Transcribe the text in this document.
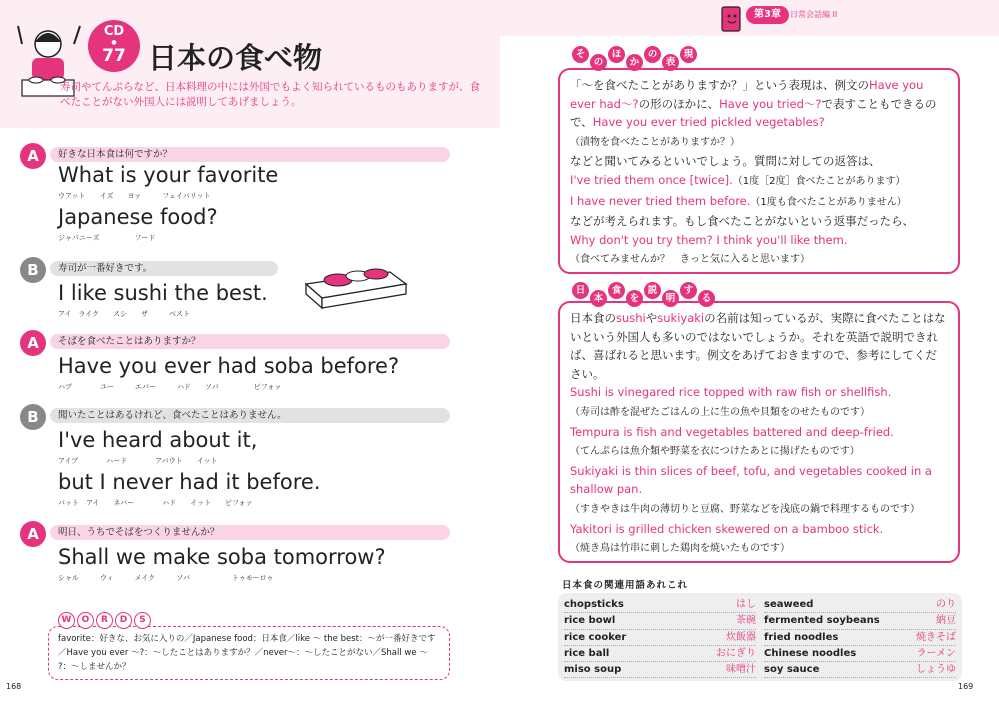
CD
●
77 日本の食べ物
寿司やてんぷらなど、日本料理の中には外国でもよく知られているものもありますが、食べたことがない外国人には説明してあげましょう。
A	好きな日本食は何ですか？
What is your favorite
ウアット　　イズ　　ヨァ　　　フェイバリット
Japanese food?
ジャパニーズ　　　　　フード
B	寿司が一番好きです。
I like sushi the best.
アイ　ライク　　スシ　　ザ　　　ベスト
A	そばを食べたことはありますか？
Have you ever had soba before?
ハブ　　　　ユー　　　エバー　　　ハド　　ソバ　　　　　ビフォァ
B	聞いたことはあるけれど、食べたことはありません。
I've heard about it,
アイブ　　　　ハード　　　　アバウト　　イット
but I never had it before.
バット　アイ　　ネバー　　　　ハド　　イット　　ビフォァ
A	明日、うちでそばをつくりませんか？
Shall we make soba tomorrow?
シャル　　　ウィ　　　メイク　　　ソバ　　　　　　トゥモーロゥ
favorite：好きな、お気に入りの／Japanese food：日本食／like ～ the best：～が一番好きです／Have you ever ～?：～したことはありますか？／never～：～したことがない／Shall we ～ ?：～しませんか？
W	O	R	D	S
168
第3章	日常会話編 II
「～を食べたことがありますか？」という表現は、例文のHave you ever had～?の形のほかに、Have you tried～?で表すこともできるので、Have you ever tried pickled vegetables?
（漬物を食べたことがありますか？）
などと聞いてみるといいでしょう。質問に対しての返答は、
I've tried them once [twice].（1度［2度］食べたことがあります）
I have never tried them before.（1度も食べたことがありません）
などが考えられます。もし食べたことがないという返事だったら、
Why don't you try them? I think you'll like them.
（食べてみませんか？　きっと気に入ると思います）
そ
の
ほ
か
の
表
現
日本食のsushiやsukiyakiの名前は知っているが、実際に食べたことはないという外国人も多いのではないでしょうか。それを英語で説明できれば、喜ばれると思います。例文をあげておきますので、参考にしてください。
Sushi is vinegared rice topped with raw fish or shellfish.
（寿司は酢を混ぜたごはんの上に生の魚や貝類をのせたものです）
Tempura is fish and vegetables battered and deep-fried.
（てんぷらは魚介類や野菜を衣につけたあとに揚げたものです）
Sukiyaki is thin slices of beef, tofu, and vegetables cooked in a shallow pan.
（すきやきは牛肉の薄切りと豆腐、野菜などを浅底の鍋で料理するものです）
Yakitori is grilled chicken skewered on a bamboo stick.
（焼き鳥は竹串に刺した鶏肉を焼いたものです）
日
本
食
を
説
明
す
る
日本食の関連用語あれこれ
chopsticks	はし
rice bowl	茶碗
rice cooker	炊飯器
rice ball	おにぎり
miso soup	味噌汁
seaweed	のり
fermented soybeans	納豆
fried noodles	焼きそば
Chinese noodles	ラーメン
soy sauce	しょうゆ
169
